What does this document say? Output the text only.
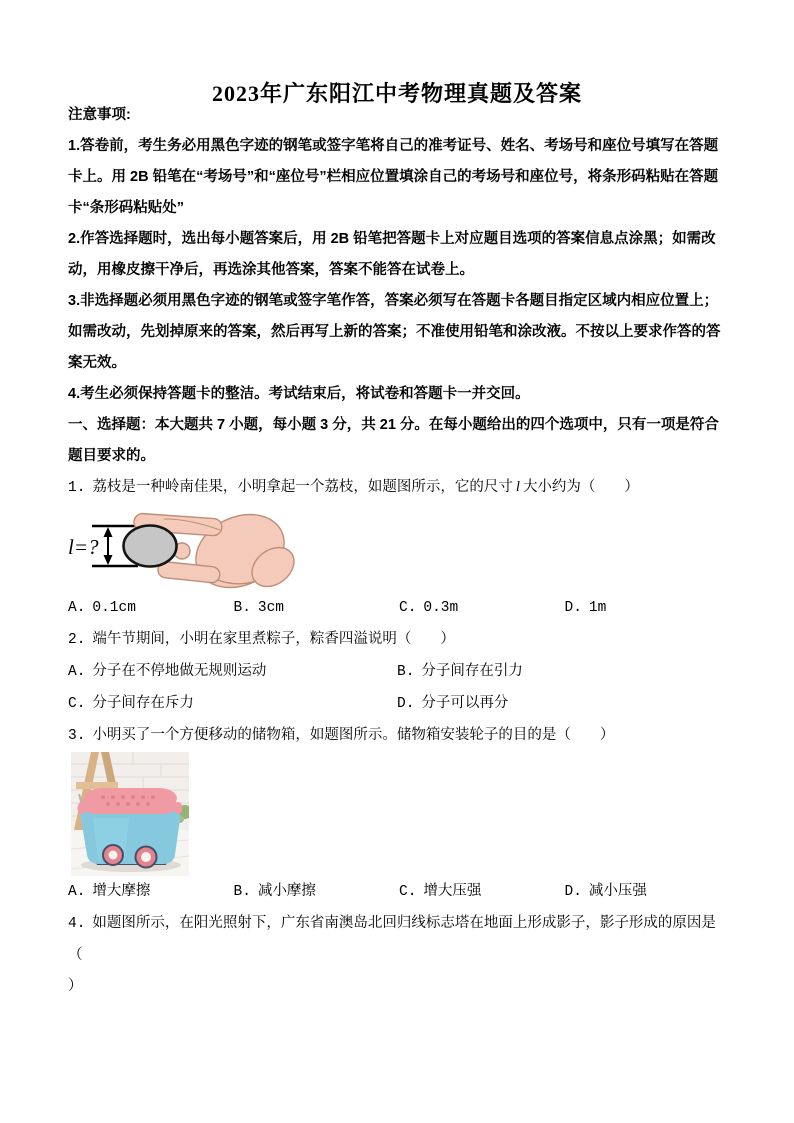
2023年广东阳江中考物理真题及答案

注意事项:

1.答卷前，考生务必用黑色字迹的钢笔或签字笔将自己的准考证号、姓名、考场号和座位号填写在答题卡上。用 2B 铅笔在“考场号”和“座位号”栏相应位置填涂自己的考场号和座位号，将条形码粘贴在答题卡“条形码粘贴处”

2.作答选择题时，选出每小题答案后，用 2B 铅笔把答题卡上对应题目选项的答案信息点涂黑；如需改动，用橡皮擦干净后，再选涂其他答案，答案不能答在试卷上。

3.非选择题必须用黑色字迹的钢笔或签字笔作答，答案必须写在答题卡各题目指定区域内相应位置上；如需改动，先划掉原来的答案，然后再写上新的答案；不准使用铅笔和涂改液。不按以上要求作答的答案无效。

4.考生必须保持答题卡的整洁。考试结束后，将试卷和答题卡一并交回。

一、选择题：本大题共 7 小题，每小题 3 分，共 21 分。在每小题给出的四个选项中，只有一项是符合题目要求的。

1. 荔枝是一种岭南佳果，小明拿起一个荔枝，如题图所示，它的尺寸 l 大小约为（　　）

l=?
A. 0.1cm	B. 3cm	C. 0.3m	D. 1m

2. 端午节期间，小明在家里煮粽子，粽香四溢说明（　　）

A. 分子在不停地做无规则运动	B. 分子间存在引力
C. 分子间存在斥力	D. 分子可以再分

3. 小明买了一个方便移动的储物箱，如题图所示。储物箱安装轮子的目的是（　　）

A. 增大摩擦	B. 减小摩擦	C. 增大压强	D. 减小压强

4. 如题图所示，在阳光照射下，广东省南澳岛北回归线标志塔在地面上形成影子，影子形成的原因是（

）
